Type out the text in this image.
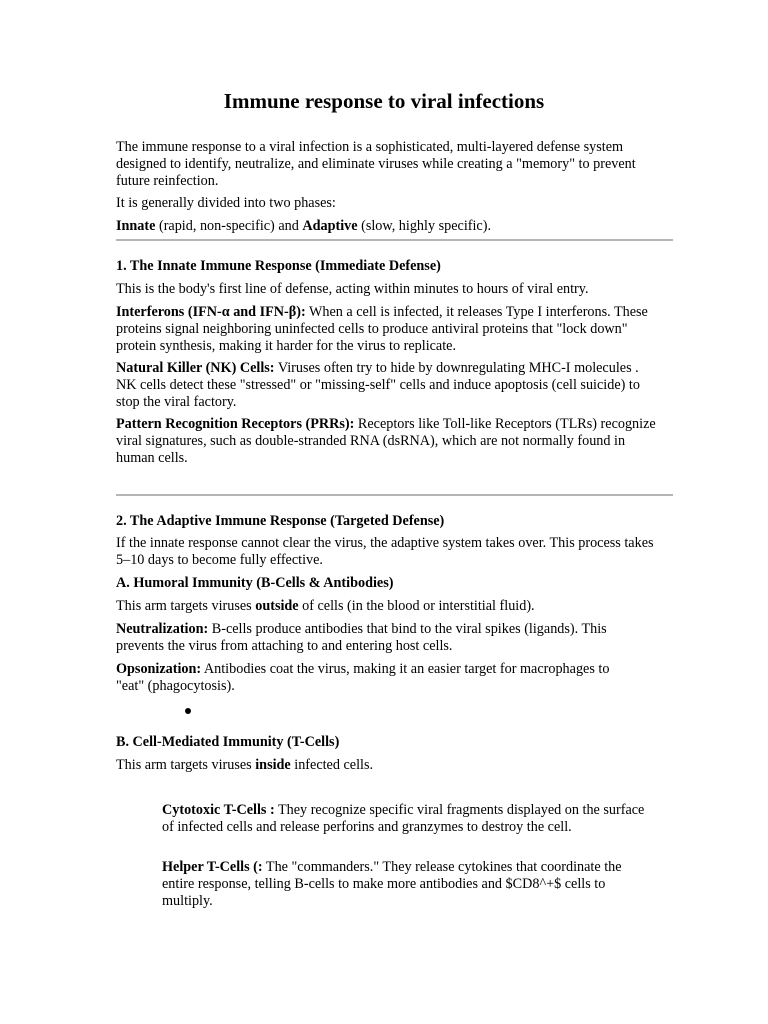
Immune response to viral infections

The immune response to a viral infection is a sophisticated, multi-layered defense system designed to identify, neutralize, and eliminate viruses while creating a "memory" to prevent future reinfection.

It is generally divided into two phases:

Innate (rapid, non-specific) and Adaptive (slow, highly specific).

1. The Innate Immune Response (Immediate Defense)

This is the body's first line of defense, acting within minutes to hours of viral entry.

Interferons (IFN-α and IFN-β): When a cell is infected, it releases Type I interferons. These proteins signal neighboring uninfected cells to produce antiviral proteins that "lock down" protein synthesis, making it harder for the virus to replicate.

Natural Killer (NK) Cells: Viruses often try to hide by downregulating MHC-I molecules . NK cells detect these "stressed" or "missing-self" cells and induce apoptosis (cell suicide) to stop the viral factory.

Pattern Recognition Receptors (PRRs): Receptors like Toll-like Receptors (TLRs) recognize viral signatures, such as double-stranded RNA (dsRNA), which are not normally found in human cells.

2. The Adaptive Immune Response (Targeted Defense)

If the innate response cannot clear the virus, the adaptive system takes over. This process takes 5–10 days to become fully effective.

A. Humoral Immunity (B-Cells & Antibodies)

This arm targets viruses outside of cells (in the blood or interstitial fluid).

Neutralization: B-cells produce antibodies that bind to the viral spikes (ligands). This prevents the virus from attaching to and entering host cells.

Opsonization: Antibodies coat the virus, making it an easier target for macrophages to "eat" (phagocytosis).

B. Cell-Mediated Immunity (T-Cells)

This arm targets viruses inside infected cells.

Cytotoxic T-Cells : They recognize specific viral fragments displayed on the surface of infected cells and release perforins and granzymes to destroy the cell.

Helper T-Cells (: The "commanders." They release cytokines that coordinate the entire response, telling B-cells to make more antibodies and $CD8^+$ cells to multiply.
